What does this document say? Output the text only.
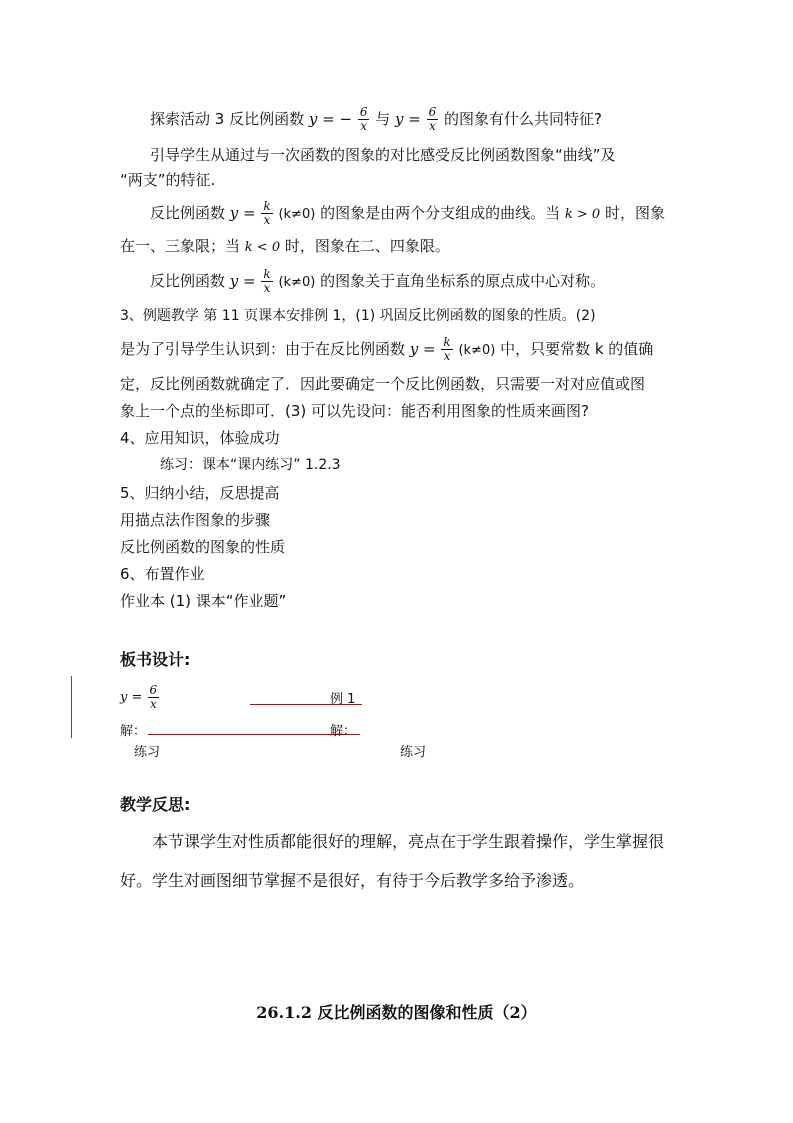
探索活动 3 反比例函数 y = − $\frac{6}{x}$ 与 $y = \frac{6}{x}$ 的图象有什么共同特征?
引导学生从通过与一次函数的图象的对比感受反比例函数图象“曲线”及
“两支”的特征.
反比例函数 $y = \frac{k}{x} (k\ne 0)$ 的图象是由两个分支组成的曲线。当 k > 0 时，图象
在一、三象限；当 k < 0 时，图象在二、四象限。
反比例函数 $y = \frac{k}{x} (k\ne 0)$ 的图象关于直角坐标系的原点成中心对称。
3、例题教学 第 11 页课本安排例 1，(1) 巩固反比例函数的图象的性质。(2)
是为了引导学生认识到：由于在反比例函数 $y = \frac{k}{x} (k\ne 0)$ 中，只要常数 k 的值确
定，反比例函数就确定了．因此要确定一个反比例函数，只需要一对对应值或图
象上一个点的坐标即可．(3) 可以先设问：能否利用图象的性质来画图?
4、应用知识，体验成功
练习：课本“课内练习” 1.2.3
5、归纳小结，反思提高
用描点法作图象的步骤
反比例函数的图象的性质
6、布置作业
作业本 (1) 课本“作业题”
板书设计:
$y = \frac{6}{x}$	例 1
解：	解：
练习	练习
教学反思:
本节课学生对性质都能很好的理解，亮点在于学生跟着操作，学生掌握很好。学生对画图细节掌握不是很好，有待于今后教学多给予渗透。
26.1.2 反比例函数的图像和性质（2）
